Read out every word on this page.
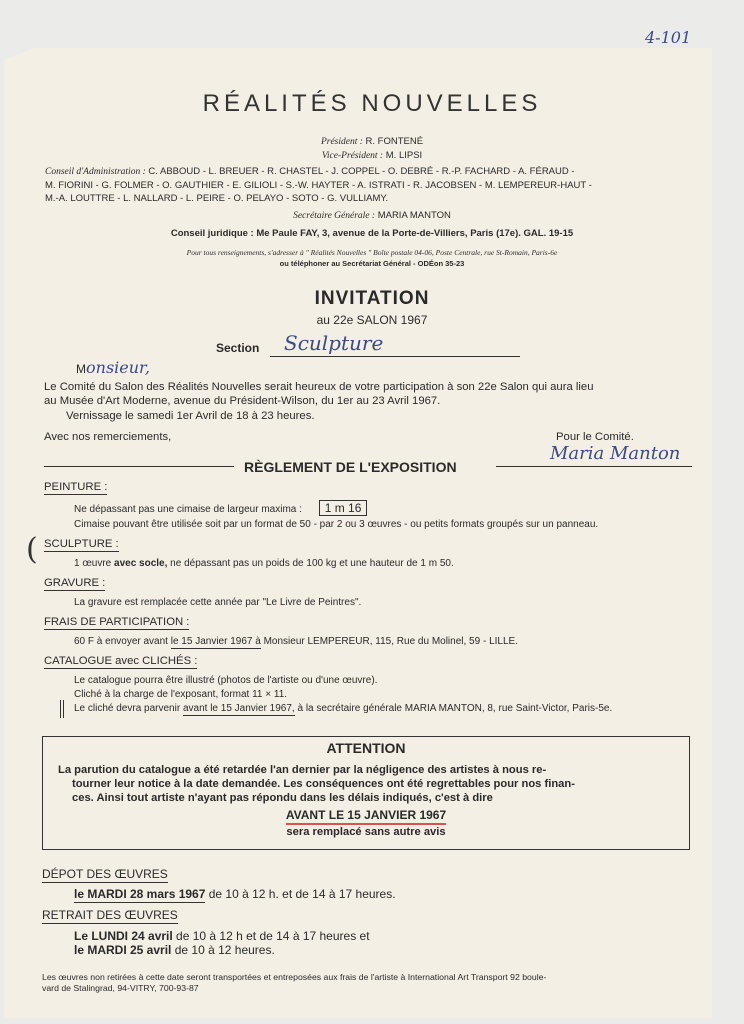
4-101
RÉALITÉS NOUVELLES
Président : R. FONTENÉ
Vice-Président : M. LIPSI
Conseil d'Administration : C. ABBOUD - L. BREUER - R. CHASTEL - J. COPPEL - O. DEBRÉ - R.-P. FACHARD - A. FÉRAUD -
M. FIORINI - G. FOLMER - O. GAUTHIER - E. GILIOLI - S.-W. HAYTER - A. ISTRATI - R. JACOBSEN - M. LEMPEREUR-HAUT -
M.-A. LOUTTRE - L. NALLARD - L. PEIRE - O. PELAYO - SOTO - G. VULLIAMY.
Secrétaire Générale : MARIA MANTON
Conseil juridique : Me Paule FAY, 3, avenue de la Porte-de-Villiers, Paris (17e). GAL. 19-15
Pour tous renseignements, s'adresser à " Réalités Nouvelles " Boîte postale 04-06, Poste Centrale, rue St-Romain, Paris-6e
ou téléphoner au Secrétariat Général - ODÉon 35-23
INVITATION
au 22e SALON 1967
Section Sculpture
Monsieur,
Le Comité du Salon des Réalités Nouvelles serait heureux de votre participation à son 22e Salon qui aura lieu
au Musée d'Art Moderne, avenue du Président-Wilson, du 1er au 23 Avril 1967.
Vernissage le samedi 1er Avril de 18 à 23 heures.
Avec nos remerciements,	Pour le Comité.
Maria Manton
RÈGLEMENT DE L'EXPOSITION
PEINTURE :
Ne dépassant pas une cimaise de largeur maxima : 1 m 16
Cimaise pouvant être utilisée soit par un format de 50 - par 2 ou 3 œuvres - ou petits formats groupés sur un panneau.
( SCULPTURE :
1 œuvre avec socle, ne dépassant pas un poids de 100 kg et une hauteur de 1 m 50.
GRAVURE :
La gravure est remplacée cette année par "Le Livre de Peintres".
FRAIS DE PARTICIPATION :
60 F à envoyer avant le 15 Janvier 1967 à Monsieur LEMPEREUR, 115, Rue du Molinel, 59 - LILLE.
CATALOGUE avec CLICHÉS :
Le catalogue pourra être illustré (photos de l'artiste ou d'une œuvre).
Cliché à la charge de l'exposant, format 11 × 11.
Le cliché devra parvenir avant le 15 Janvier 1967, à la secrétaire générale MARIA MANTON, 8, rue Saint-Victor, Paris-5e.
ATTENTION
La parution du catalogue a été retardée l'an dernier par la négligence des artistes à nous re-
tourner leur notice à la date demandée. Les conséquences ont été regrettables pour nos finan-
ces. Ainsi tout artiste n'ayant pas répondu dans les délais indiqués, c'est à dire
AVANT LE 15 JANVIER 1967
sera remplacé sans autre avis
DÉPOT DES ŒUVRES
le MARDI 28 mars 1967 de 10 à 12 h. et de 14 à 17 heures.
RETRAIT DES ŒUVRES
Le LUNDI 24 avril de 10 à 12 h et de 14 à 17 heures et
le MARDI 25 avril de 10 à 12 heures.
Les œuvres non retirées à cette date seront transportées et entreposées aux frais de l'artiste à International Art Transport 92 boule-
vard de Stalingrad, 94-VITRY, 700-93-87
